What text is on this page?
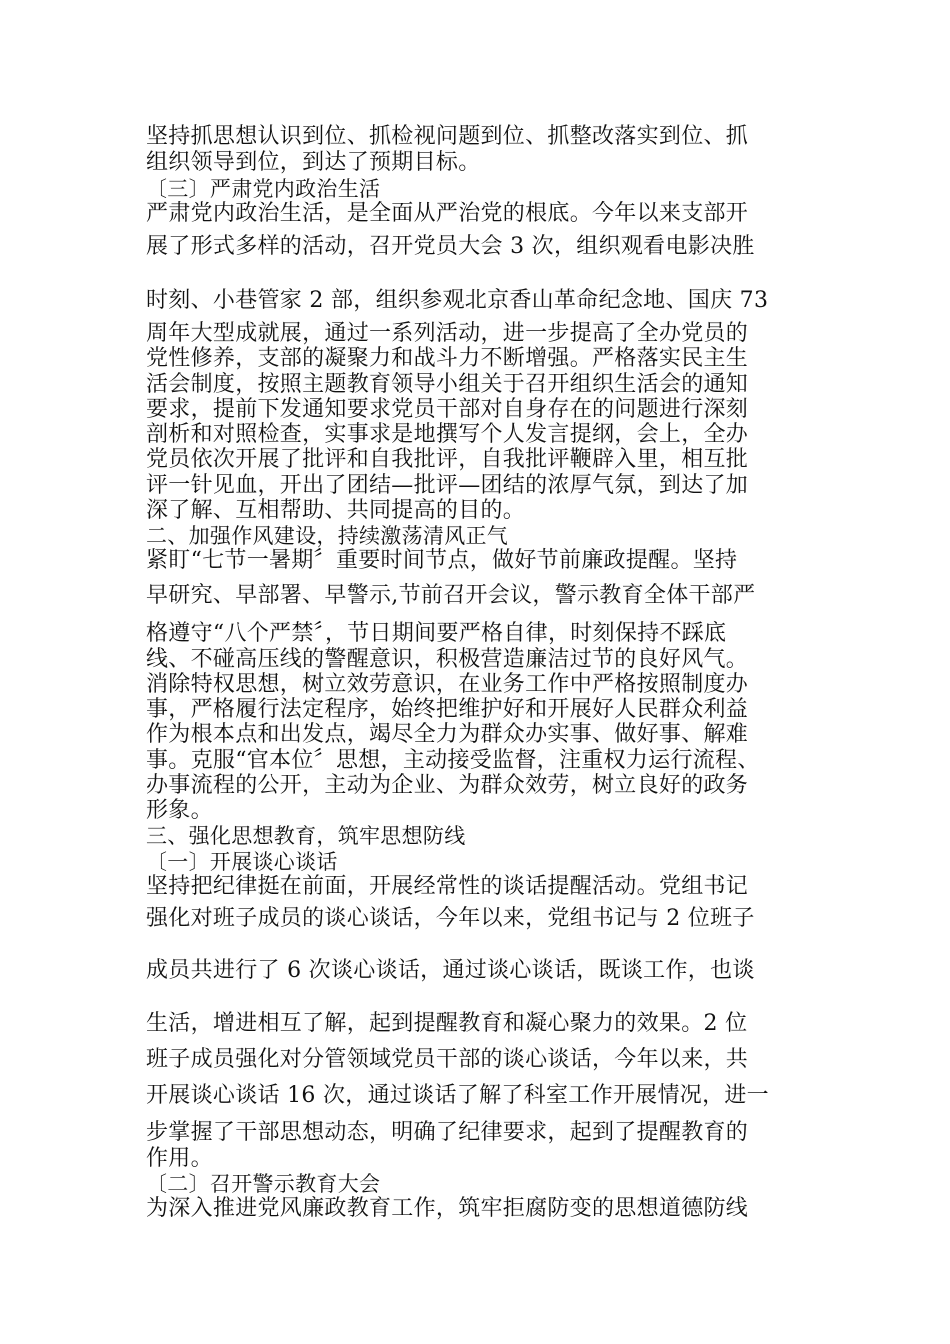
坚持抓思想认识到位、抓检视问题到位、抓整改落实到位、抓
组织领导到位，到达了预期目标。
〔三〕严肃党内政治生活
严肃党内政治生活，是全面从严治党的根底。今年以来支部开
展了形式多样的活动，召开党员大会 3 次，组织观看电影决胜
时刻、小巷管家 2 部，组织参观北京香山革命纪念地、国庆 73
周年大型成就展，通过一系列活动，进一步提高了全办党员的
党性修养，支部的凝聚力和战斗力不断增强。严格落实民主生
活会制度，按照主题教育领导小组关于召开组织生活会的通知
要求，提前下发通知要求党员干部对自身存在的问题进行深刻
剖析和对照检查，实事求是地撰写个人发言提纲，会上，全办
党员依次开展了批评和自我批评，自我批评鞭辟入里，相互批
评一针见血，开出了团结—批评—团结的浓厚气氛，到达了加
深了解、互相帮助、共同提高的目的。
二、加强作风建设，持续激荡清风正气
紧盯“七节一暑期〞重要时间节点，做好节前廉政提醒。坚持
早研究、早部署、早警示,节前召开会议，警示教育全体干部严
格遵守“八个严禁〞，节日期间要严格自律，时刻保持不踩底
线、不碰高压线的警醒意识，积极营造廉洁过节的良好风气。
消除特权思想，树立效劳意识，在业务工作中严格按照制度办
事，严格履行法定程序，始终把维护好和开展好人民群众利益
作为根本点和出发点，竭尽全力为群众办实事、做好事、解难
事。克服“官本位〞思想，主动接受监督，注重权力运行流程、
办事流程的公开，主动为企业、为群众效劳，树立良好的政务
形象。
三、强化思想教育，筑牢思想防线
〔一〕开展谈心谈话
坚持把纪律挺在前面，开展经常性的谈话提醒活动。党组书记
强化对班子成员的谈心谈话，今年以来，党组书记与 2 位班子
成员共进行了 6 次谈心谈话，通过谈心谈话，既谈工作，也谈
生活，增进相互了解，起到提醒教育和凝心聚力的效果。2 位
班子成员强化对分管领域党员干部的谈心谈话，今年以来，共
开展谈心谈话 16 次，通过谈话了解了科室工作开展情况，进一
步掌握了干部思想动态，明确了纪律要求，起到了提醒教育的
作用。
〔二〕召开警示教育大会
为深入推进党风廉政教育工作，筑牢拒腐防变的思想道德防线
